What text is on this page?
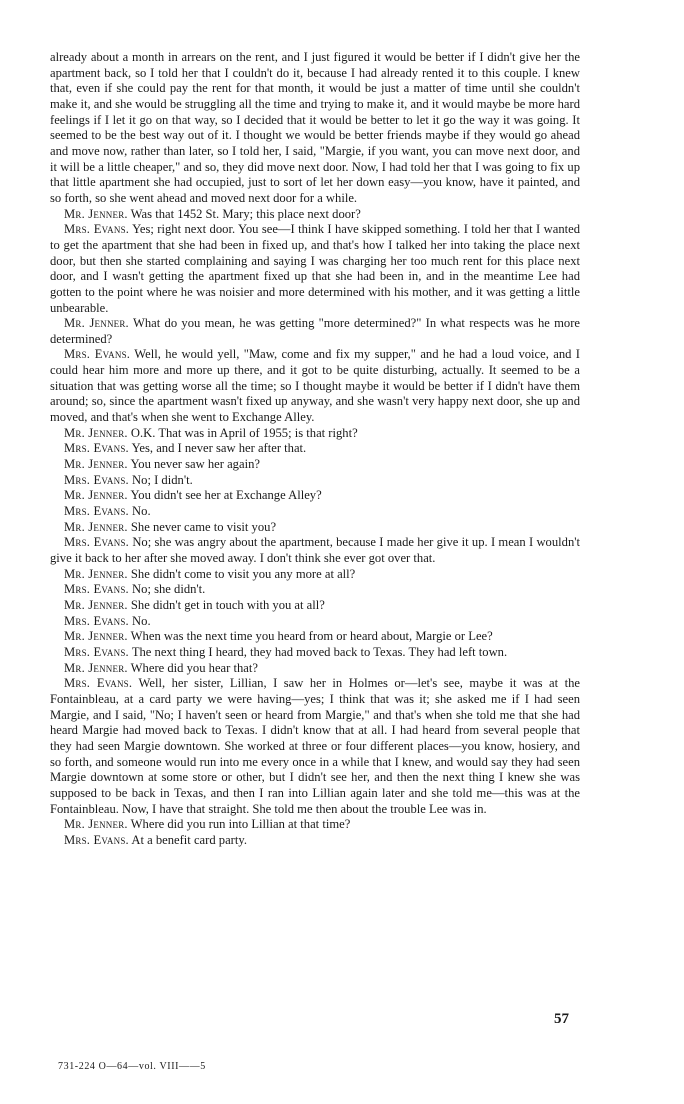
already about a month in arrears on the rent, and I just figured it would be better if I didn't give her the apartment back, so I told her that I couldn't do it, because I had already rented it to this couple. I knew that, even if she could pay the rent for that month, it would be just a matter of time until she couldn't make it, and she would be struggling all the time and trying to make it, and it would maybe be more hard feelings if I let it go on that way, so I decided that it would be better to let it go the way it was going. It seemed to be the best way out of it. I thought we would be better friends maybe if they would go ahead and move now, rather than later, so I told her, I said, "Margie, if you want, you can move next door, and it will be a little cheaper," and so, they did move next door. Now, I had told her that I was going to fix up that little apartment she had occupied, just to sort of let her down easy—you know, have it painted, and so forth, so she went ahead and moved next door for a while.

Mr. Jenner. Was that 1452 St. Mary; this place next door?

Mrs. Evans. Yes; right next door. You see—I think I have skipped something. I told her that I wanted to get the apartment that she had been in fixed up, and that's how I talked her into taking the place next door, but then she started complaining and saying I was charging her too much rent for this place next door, and I wasn't getting the apartment fixed up that she had been in, and in the meantime Lee had gotten to the point where he was noisier and more determined with his mother, and it was getting a little unbearable.

Mr. Jenner. What do you mean, he was getting "more determined?" In what respects was he more determined?

Mrs. Evans. Well, he would yell, "Maw, come and fix my supper," and he had a loud voice, and I could hear him more and more up there, and it got to be quite disturbing, actually. It seemed to be a situation that was getting worse all the time; so I thought maybe it would be better if I didn't have them around; so, since the apartment wasn't fixed up anyway, and she wasn't very happy next door, she up and moved, and that's when she went to Exchange Alley.

Mr. Jenner. O.K. That was in April of 1955; is that right?

Mrs. Evans. Yes, and I never saw her after that.

Mr. Jenner. You never saw her again?

Mrs. Evans. No; I didn't.

Mr. Jenner. You didn't see her at Exchange Alley?

Mrs. Evans. No.

Mr. Jenner. She never came to visit you?

Mrs. Evans. No; she was angry about the apartment, because I made her give it up. I mean I wouldn't give it back to her after she moved away. I don't think she ever got over that.

Mr. Jenner. She didn't come to visit you any more at all?

Mrs. Evans. No; she didn't.

Mr. Jenner. She didn't get in touch with you at all?

Mrs. Evans. No.

Mr. Jenner. When was the next time you heard from or heard about, Margie or Lee?

Mrs. Evans. The next thing I heard, they had moved back to Texas. They had left town.

Mr. Jenner. Where did you hear that?

Mrs. Evans. Well, her sister, Lillian, I saw her in Holmes or—let's see, maybe it was at the Fontainbleau, at a card party we were having—yes; I think that was it; she asked me if I had seen Margie, and I said, "No; I haven't seen or heard from Margie," and that's when she told me that she had heard Margie had moved back to Texas. I didn't know that at all. I had heard from several people that they had seen Margie downtown. She worked at three or four different places—you know, hosiery, and so forth, and someone would run into me every once in a while that I knew, and would say they had seen Margie downtown at some store or other, but I didn't see her, and then the next thing I knew she was supposed to be back in Texas, and then I ran into Lillian again later and she told me—this was at the Fontainbleau. Now, I have that straight. She told me then about the trouble Lee was in.

Mr. Jenner. Where did you run into Lillian at that time?

Mrs. Evans. At a benefit card party.

57
731-224 O—64—vol. VIII——5
